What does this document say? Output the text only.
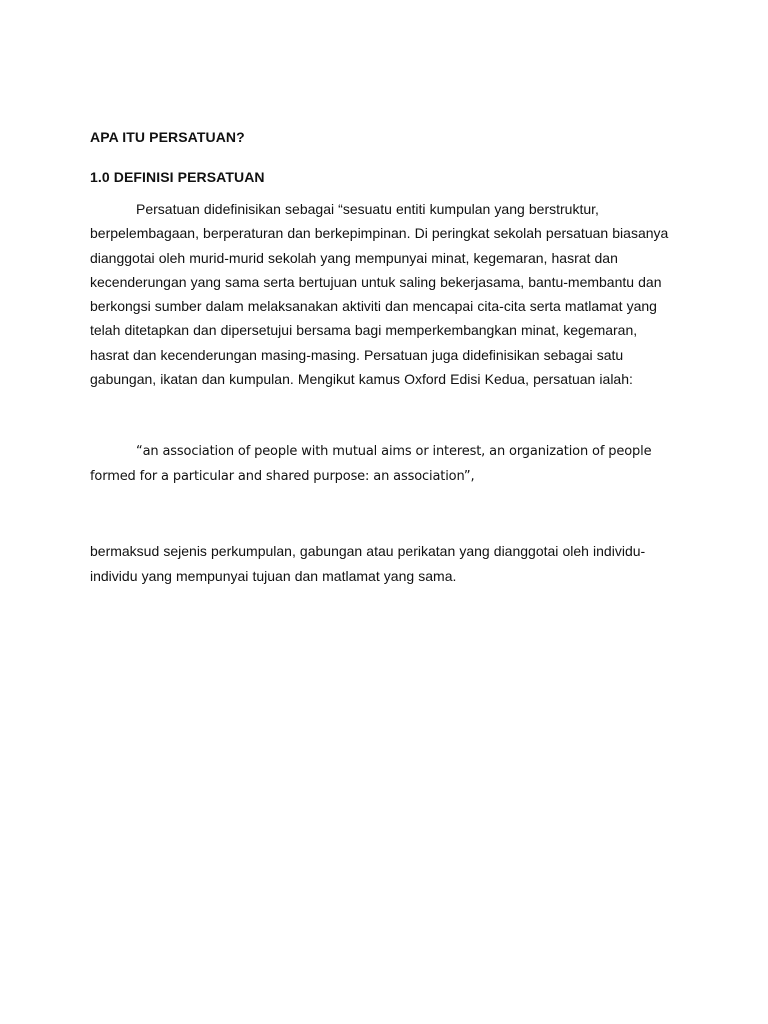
APA ITU PERSATUAN?

1.0 DEFINISI PERSATUAN

Persatuan didefinisikan sebagai “sesuatu entiti kumpulan yang berstruktur, berpelembagaan, berperaturan dan berkepimpinan. Di peringkat sekolah persatuan biasanya dianggotai oleh murid-murid sekolah yang mempunyai minat, kegemaran, hasrat dan kecenderungan yang sama serta bertujuan untuk saling bekerjasama, bantu-membantu dan berkongsi sumber dalam melaksanakan aktiviti dan mencapai cita-cita serta matlamat yang telah ditetapkan dan dipersetujui bersama bagi memperkembangkan minat, kegemaran, hasrat dan kecenderungan masing-masing. Persatuan juga didefinisikan sebagai satu gabungan, ikatan dan kumpulan. Mengikut kamus Oxford Edisi Kedua, persatuan ialah:

“an association of people with mutual aims or interest, an organization of people formed for a particular and shared purpose: an association”,

bermaksud sejenis perkumpulan, gabungan atau perikatan yang dianggotai oleh individu-individu yang mempunyai tujuan dan matlamat yang sama.
